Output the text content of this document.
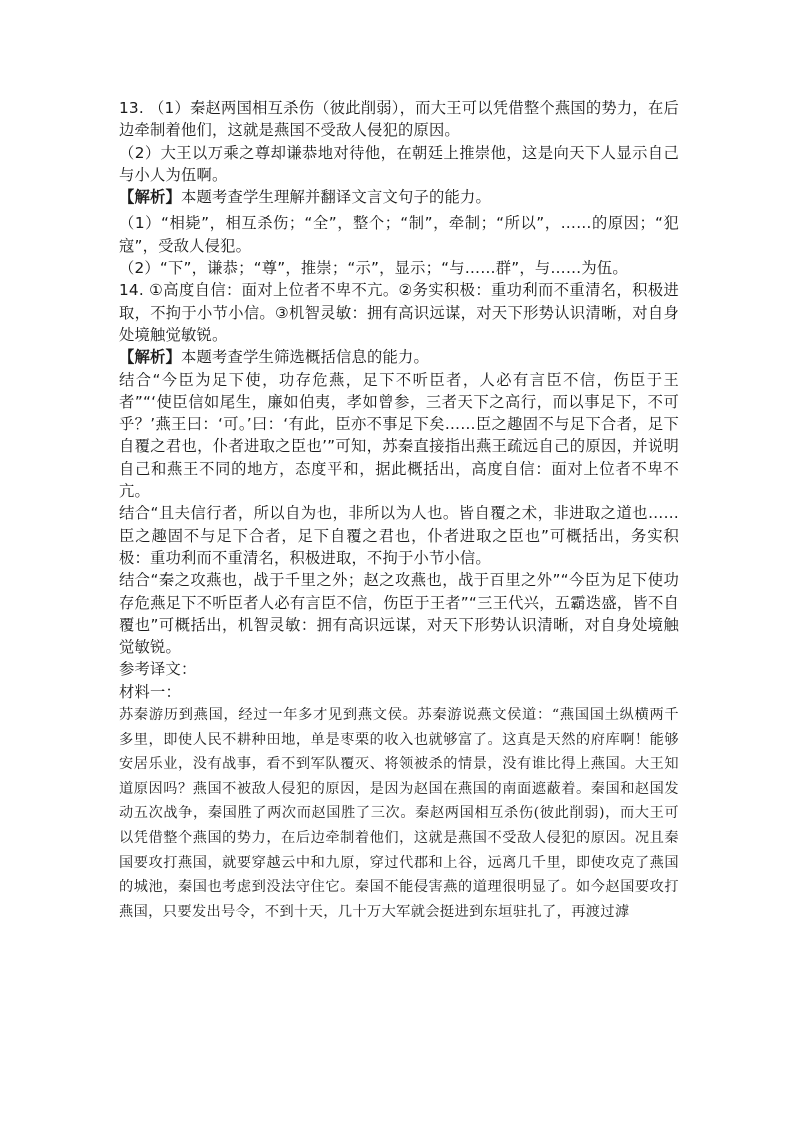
13. （1）秦赵两国相互杀伤（彼此削弱），而大王可以凭借整个燕国的势力，在后边牵制着他们，这就是燕国不受敌人侵犯的原因。

（2）大王以万乘之尊却谦恭地对待他，在朝廷上推崇他，这是向天下人显示自己与小人为伍啊。

【解析】本题考查学生理解并翻译文言文句子的能力。

（1）“相毙”，相互杀伤；“全”，整个；“制”，牵制；“所以”，……的原因；“犯寇”，受敌人侵犯。

（2）“下”，谦恭；“尊”，推崇；“示”，显示；“与……群”，与……为伍。

14. ①高度自信：面对上位者不卑不亢。②务实积极：重功利而不重清名，积极进取，不拘于小节小信。③机智灵敏：拥有高识远谋，对天下形势认识清晰，对自身处境触觉敏锐。

【解析】本题考查学生筛选概括信息的能力。

结合“今臣为足下使，功存危燕，足下不听臣者，人必有言臣不信，伤臣于王者”“‘使臣信如尾生，廉如伯夷，孝如曾参，三者天下之高行，而以事足下，不可乎？’燕王曰：‘可。’曰：‘有此，臣亦不事足下矣……臣之趣固不与足下合者，足下自覆之君也，仆者进取之臣也’”可知，苏秦直接指出燕王疏远自己的原因，并说明自己和燕王不同的地方，态度平和，据此概括出，高度自信：面对上位者不卑不亢。

结合“且夫信行者，所以自为也，非所以为人也。皆自覆之术，非进取之道也……臣之趣固不与足下合者，足下自覆之君也，仆者进取之臣也”可概括出，务实积极：重功利而不重清名，积极进取，不拘于小节小信。

结合“秦之攻燕也，战于千里之外；赵之攻燕也，战于百里之外”“今臣为足下使功存危燕足下不听臣者人必有言臣不信，伤臣于王者”“三王代兴，五霸迭盛，皆不自覆也”可概括出，机智灵敏：拥有高识远谋，对天下形势认识清晰，对自身处境触觉敏锐。

参考译文：

材料一：

苏秦游历到燕国，经过一年多才见到燕文侯。苏秦游说燕文侯道：“燕国国土纵横两千多里，即使人民不耕种田地，单是枣栗的收入也就够富了。这真是天然的府库啊！能够安居乐业，没有战事，看不到军队覆灭、将领被杀的情景，没有谁比得上燕国。大王知道原因吗？燕国不被敌人侵犯的原因，是因为赵国在燕国的南面遮蔽着。秦国和赵国发动五次战争，秦国胜了两次而赵国胜了三次。秦赵两国相互杀伤(彼此削弱)，而大王可以凭借整个燕国的势力，在后边牵制着他们，这就是燕国不受敌人侵犯的原因。况且秦国要攻打燕国，就要穿越云中和九原，穿过代郡和上谷，远离几千里，即使攻克了燕国的城池，秦国也考虑到没法守住它。秦国不能侵害燕的道理很明显了。如今赵国要攻打燕国，只要发出号令，不到十天，几十万大军就会挺进到东垣驻扎了，再渡过滹
